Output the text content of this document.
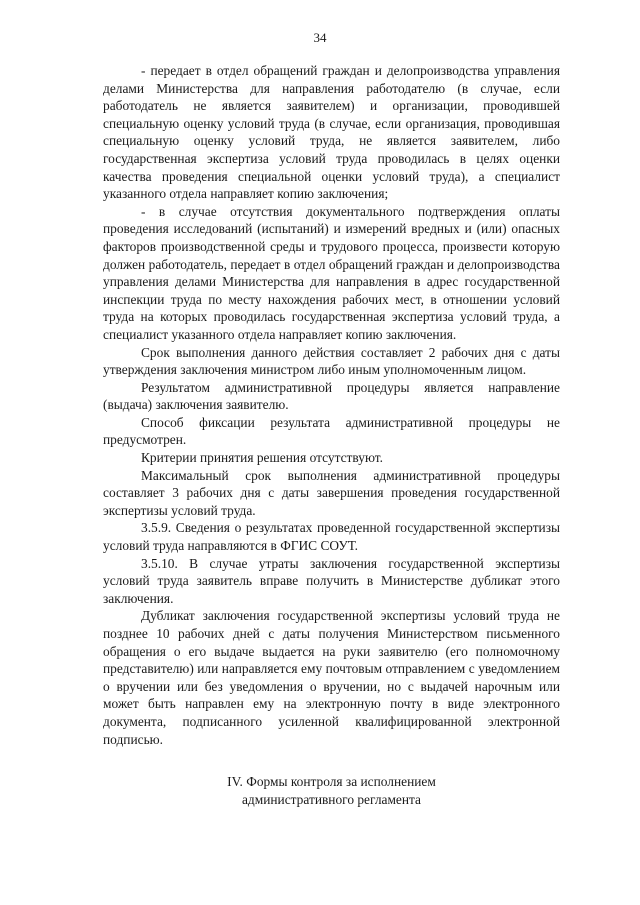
34

- передает в отдел обращений граждан и делопроизводства управления делами Министерства для направления работодателю (в случае, если работодатель не является заявителем) и организации, проводившей специальную оценку условий труда (в случае, если организация, проводившая специальную оценку условий труда, не является заявителем, либо государственная экспертиза условий труда проводилась в целях оценки качества проведения специальной оценки условий труда), а специалист указанного отдела направляет копию заключения;

- в случае отсутствия документального подтверждения оплаты проведения исследований (испытаний) и измерений вредных и (или) опасных факторов производственной среды и трудового процесса, произвести которую должен работодатель, передает в отдел обращений граждан и делопроизводства управления делами Министерства для направления в адрес государственной инспекции труда по месту нахождения рабочих мест, в отношении условий труда на которых проводилась государственная экспертиза условий труда, а специалист указанного отдела направляет копию заключения.

Срок выполнения данного действия составляет 2 рабочих дня с даты утверждения заключения министром либо иным уполномоченным лицом.

Результатом административной процедуры является направление (выдача) заключения заявителю.

Способ фиксации результата административной процедуры не предусмотрен.

Критерии принятия решения отсутствуют.

Максимальный срок выполнения административной процедуры составляет 3 рабочих дня с даты завершения проведения государственной экспертизы условий труда.

3.5.9. Сведения о результатах проведенной государственной экспертизы условий труда направляются в ФГИС СОУТ.

3.5.10. В случае утраты заключения государственной экспертизы условий труда заявитель вправе получить в Министерстве дубликат этого заключения.

Дубликат заключения государственной экспертизы условий труда не позднее 10 рабочих дней с даты получения Министерством письменного обращения о его выдаче выдается на руки заявителю (его полномочному представителю) или направляется ему почтовым отправлением с уведомлением о вручении или без уведомления о вручении, но с выдачей нарочным или может быть направлен ему на электронную почту в виде электронного документа, подписанного усиленной квалифицированной электронной подписью.

IV. Формы контроля за исполнением
административного регламента
